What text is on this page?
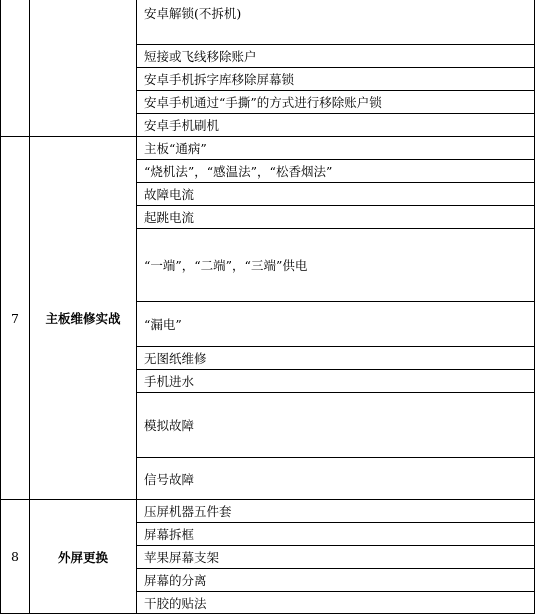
		安卓解锁(不拆机)
		短接或飞线移除账户
		安卓手机拆字库移除屏幕锁
		安卓手机通过“手撕”的方式进行移除账户锁
		安卓手机刷机
7	主板维修实战	主板“通病”
		“烧机法”，“感温法”，“松香烟法”
		故障电流
		起跳电流
		“一端”，“二端”，“三端”供电
		“漏电”
		无图纸维修
		手机进水
		模拟故障
		信号故障
8	外屏更换	压屏机器五件套
		屏幕拆框
		苹果屏幕支架
		屏幕的分离
		干胶的贴法
